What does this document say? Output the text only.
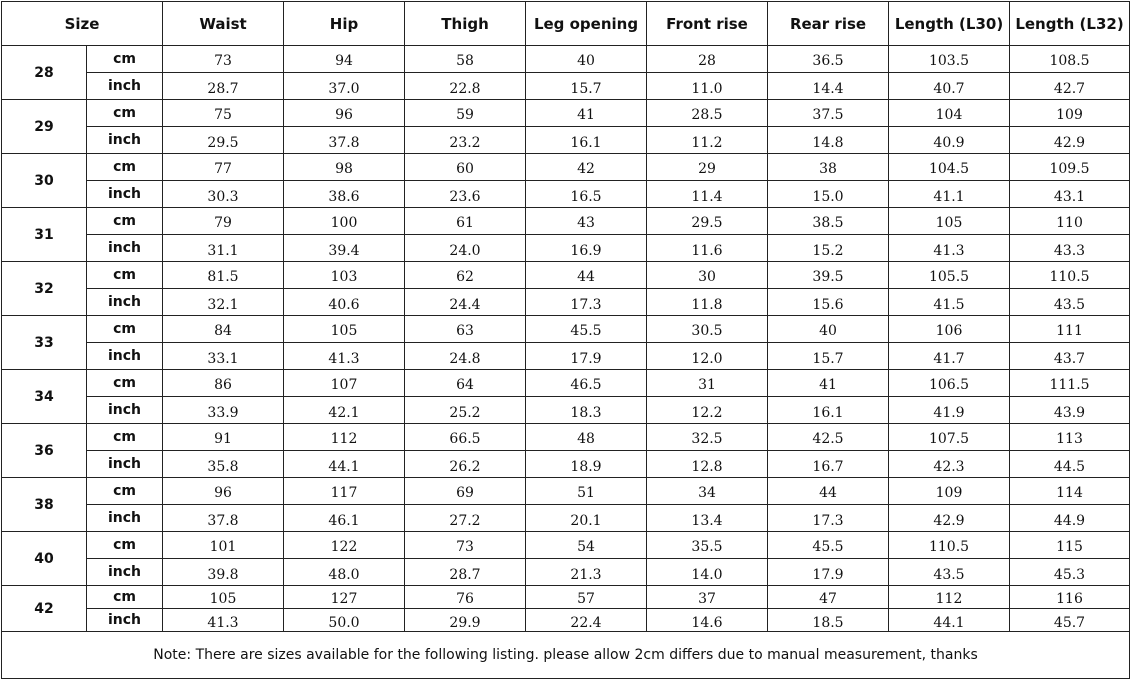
Size		Waist	Hip	Thigh	Leg opening	Front rise	Rear rise	Length (L30)	Length (L32)
28	cm	73	94	58	40	28	36.5	103.5	108.5
	inch	28.7	37.0	22.8	15.7	11.0	14.4	40.7	42.7
29	cm	75	96	59	41	28.5	37.5	104	109
	inch	29.5	37.8	23.2	16.1	11.2	14.8	40.9	42.9
30	cm	77	98	60	42	29	38	104.5	109.5
	inch	30.3	38.6	23.6	16.5	11.4	15.0	41.1	43.1
31	cm	79	100	61	43	29.5	38.5	105	110
	inch	31.1	39.4	24.0	16.9	11.6	15.2	41.3	43.3
32	cm	81.5	103	62	44	30	39.5	105.5	110.5
	inch	32.1	40.6	24.4	17.3	11.8	15.6	41.5	43.5
33	cm	84	105	63	45.5	30.5	40	106	111
	inch	33.1	41.3	24.8	17.9	12.0	15.7	41.7	43.7
34	cm	86	107	64	46.5	31	41	106.5	111.5
	inch	33.9	42.1	25.2	18.3	12.2	16.1	41.9	43.9
36	cm	91	112	66.5	48	32.5	42.5	107.5	113
	inch	35.8	44.1	26.2	18.9	12.8	16.7	42.3	44.5
38	cm	96	117	69	51	34	44	109	114
	inch	37.8	46.1	27.2	20.1	13.4	17.3	42.9	44.9
40	cm	101	122	73	54	35.5	45.5	110.5	115
	inch	39.8	48.0	28.7	21.3	14.0	17.9	43.5	45.3
42	cm	105	127	76	57	37	47	112	116
	inch	41.3	50.0	29.9	22.4	14.6	18.5	44.1	45.7
Note: There are sizes available for the following listing. please allow 2cm differs due to manual measurement, thanks									
